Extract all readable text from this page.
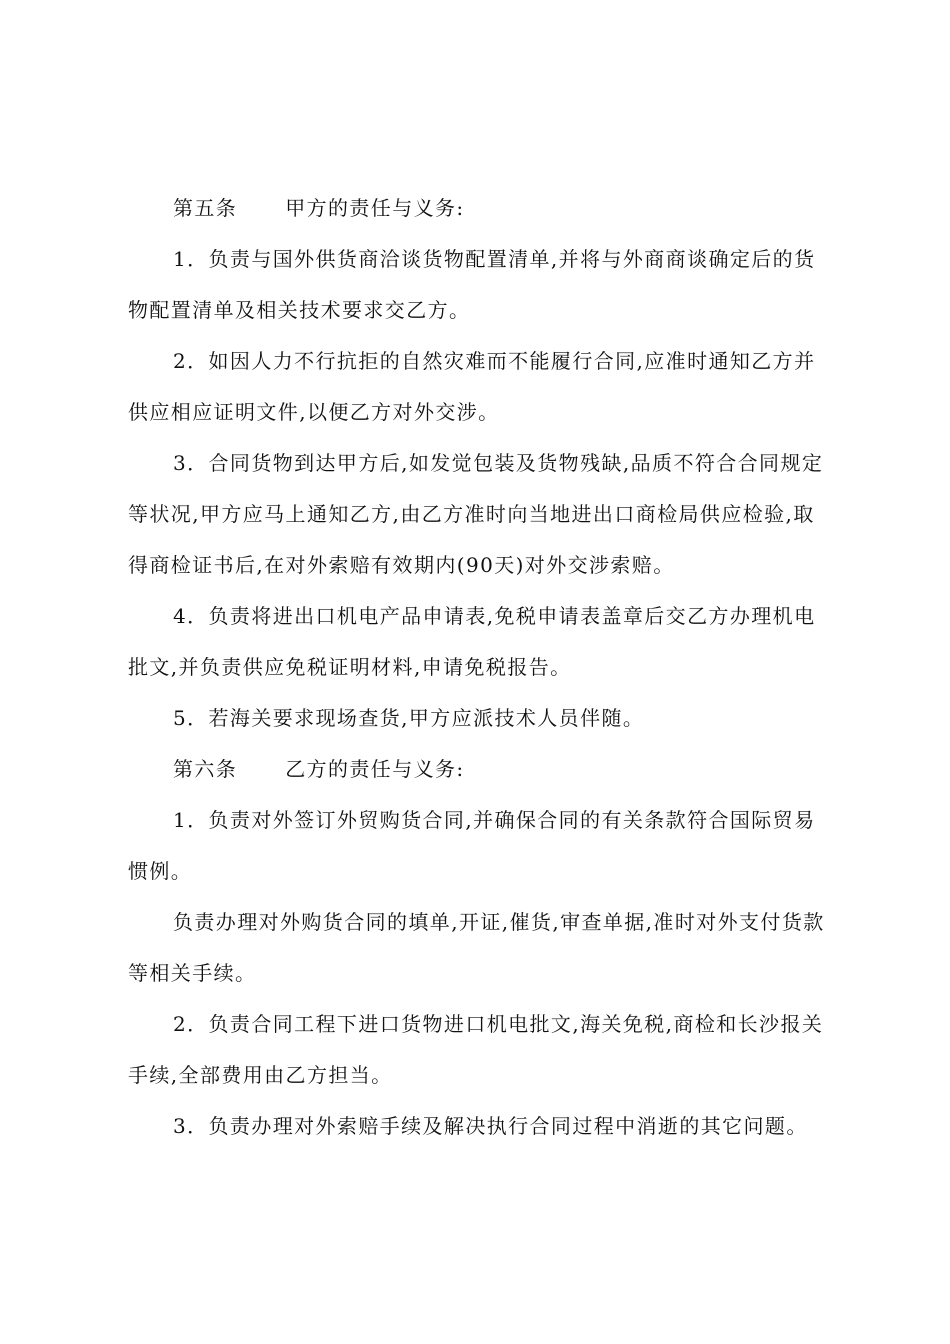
第五条 甲方的责任与义务:

1．负责与国外供货商洽谈货物配置清单,并将与外商商谈确定后的货物配置清单及相关技术要求交乙方。

2．如因人力不行抗拒的自然灾难而不能履行合同,应准时通知乙方并供应相应证明文件,以便乙方对外交涉。

3．合同货物到达甲方后,如发觉包装及货物残缺,品质不符合合同规定等状况,甲方应马上通知乙方,由乙方准时向当地进出口商检局供应检验,取得商检证书后,在对外索赔有效期内(90天)对外交涉索赔。

4．负责将进出口机电产品申请表,免税申请表盖章后交乙方办理机电批文,并负责供应免税证明材料,申请免税报告。

5．若海关要求现场查货,甲方应派技术人员伴随。

第六条 乙方的责任与义务:

1．负责对外签订外贸购货合同,并确保合同的有关条款符合国际贸易惯例。

负责办理对外购货合同的填单,开证,催货,审查单据,准时对外支付货款等相关手续。

2．负责合同工程下进口货物进口机电批文,海关免税,商检和长沙报关手续,全部费用由乙方担当。

3．负责办理对外索赔手续及解决执行合同过程中消逝的其它问题。
